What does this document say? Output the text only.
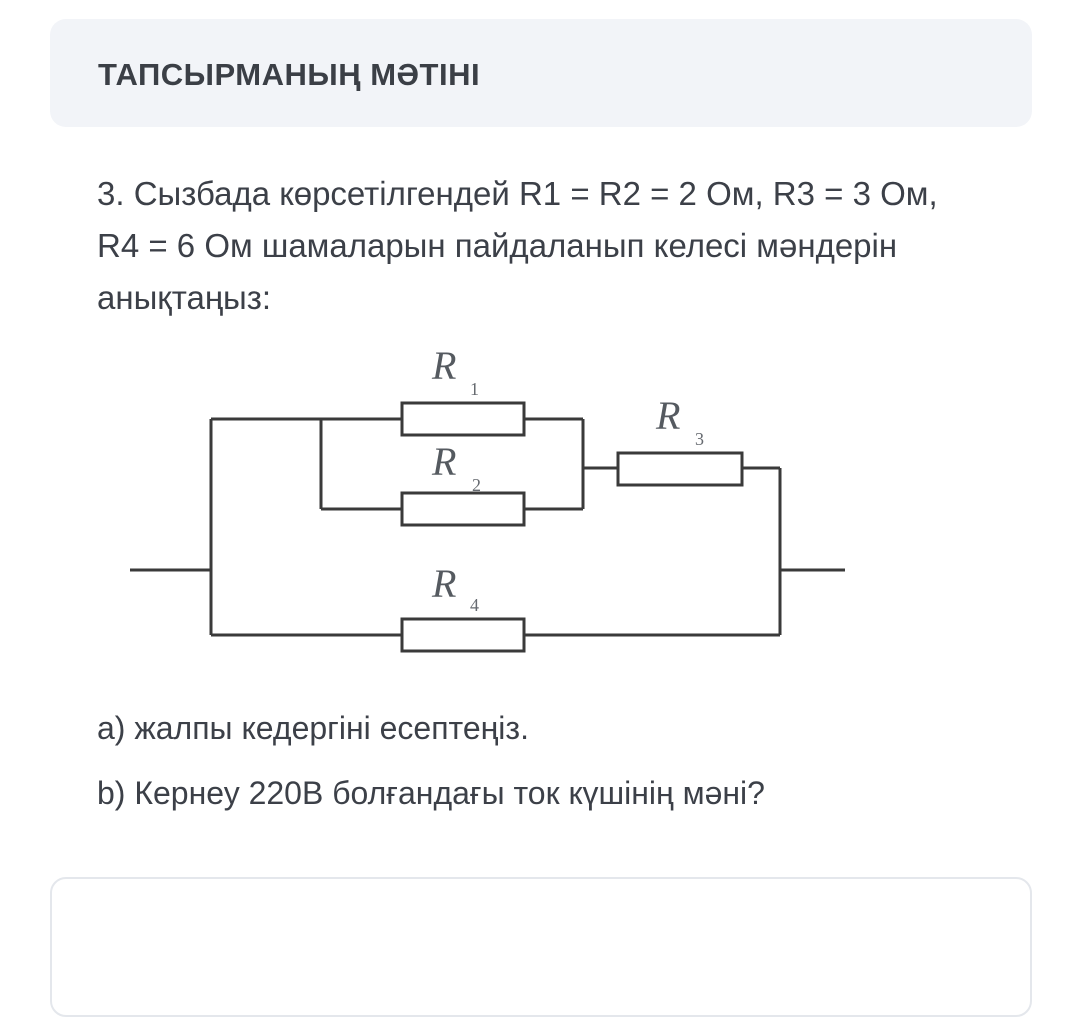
ТАПСЫРМАНЫҢ МӘТІНІ
3. Сызбада көрсетілгендей R1 = R2 = 2 Ом, R3 = 3 Ом,
R4 = 6 Ом шамаларын пайдаланып келесі мәндерін
анықтаңыз:
R
1
R
2
R
3
R 4
а) жалпы кедергіні есептеңіз.
b) Кернеу 220В болғандағы ток күшінің мәні?
